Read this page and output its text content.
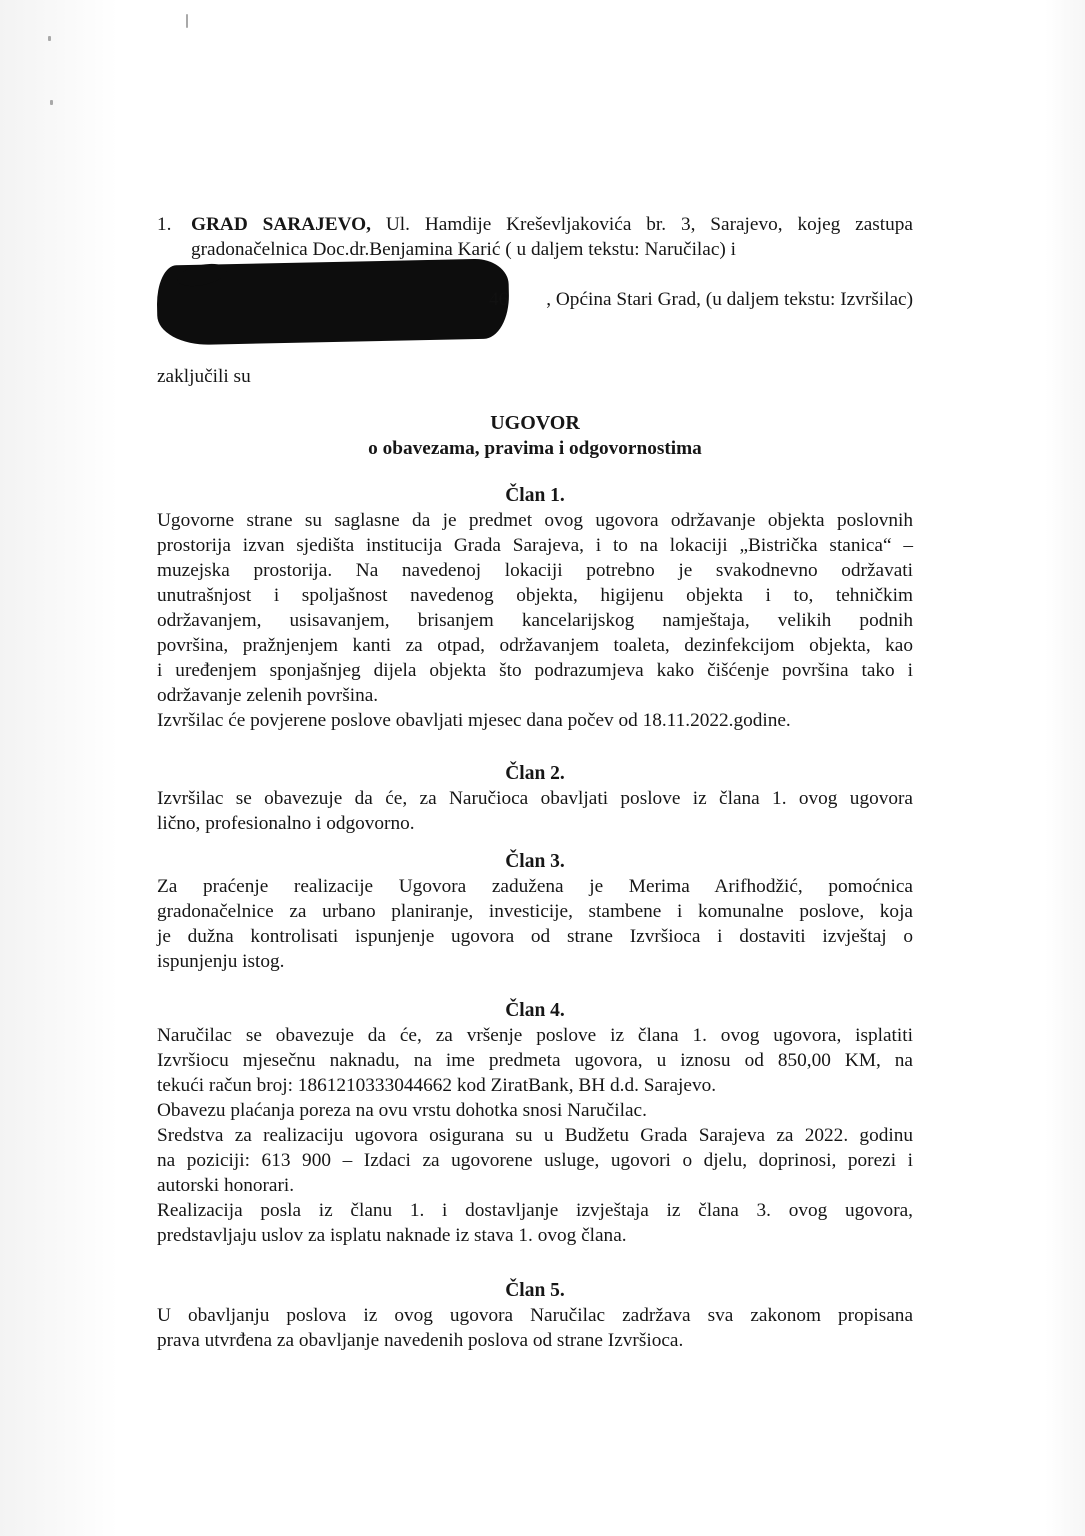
1. GRAD SARAJEVO, Ul. Hamdije Kreševljakovića br. 3, Sarajevo, kojeg zastupa
gradonačelnica Doc.dr.Benjamina Karić ( u daljem tekstu: Naručilac) i
, Općina Stari Grad, (u daljem tekstu: Izvršilac)
46
zaključili su
UGOVOR
o obavezama, pravima i odgovornostima
Član 1.
Ugovorne strane su saglasne da je predmet ovog ugovora održavanje objekta poslovnih
prostorija izvan sjedišta institucija Grada Sarajeva, i to na lokaciji „Bistrička stanica“ –
muzejska prostorija. Na navedenoj lokaciji potrebno je svakodnevno održavati
unutrašnjost i spoljašnost navedenog objekta, higijenu objekta i to, tehničkim
održavanjem, usisavanjem, brisanjem kancelarijskog namještaja, velikih podnih
površina, pražnjenjem kanti za otpad, održavanjem toaleta, dezinfekcijom objekta, kao
i uređenjem sponjašnjeg dijela objekta što podrazumjeva kako čišćenje površina tako i
održavanje zelenih površina.
Izvršilac će povjerene poslove obavljati mjesec dana počev od 18.11.2022.godine.
Član 2.
Izvršilac se obavezuje da će, za Naručioca obavljati poslove iz člana 1. ovog ugovora
lično, profesionalno i odgovorno.
Član 3.
Za praćenje realizacije Ugovora zadužena je Merima Arifhodžić, pomoćnica
gradonačelnice za urbano planiranje, investicije, stambene i komunalne poslove, koja
je dužna kontrolisati ispunjenje ugovora od strane Izvršioca i dostaviti izvještaj o
ispunjenju istog.
Član 4.
Naručilac se obavezuje da će, za vršenje poslove iz člana 1. ovog ugovora, isplatiti
Izvršiocu mjesečnu naknadu, na ime predmeta ugovora, u iznosu od 850,00 KM, na
tekući račun broj: 1861210333044662 kod ZiratBank, BH d.d. Sarajevo.
Obavezu plaćanja poreza na ovu vrstu dohotka snosi Naručilac.
Sredstva za realizaciju ugovora osigurana su u Budžetu Grada Sarajeva za 2022. godinu
na poziciji: 613 900 – Izdaci za ugovorene usluge, ugovori o djelu, doprinosi, porezi i
autorski honorari.
Realizacija posla iz članu 1. i dostavljanje izvještaja iz člana 3. ovog ugovora,
predstavljaju uslov za isplatu naknade iz stava 1. ovog člana.
Član 5.
U obavljanju poslova iz ovog ugovora Naručilac zadržava sva zakonom propisana
prava utvrđena za obavljanje navedenih poslova od strane Izvršioca.
